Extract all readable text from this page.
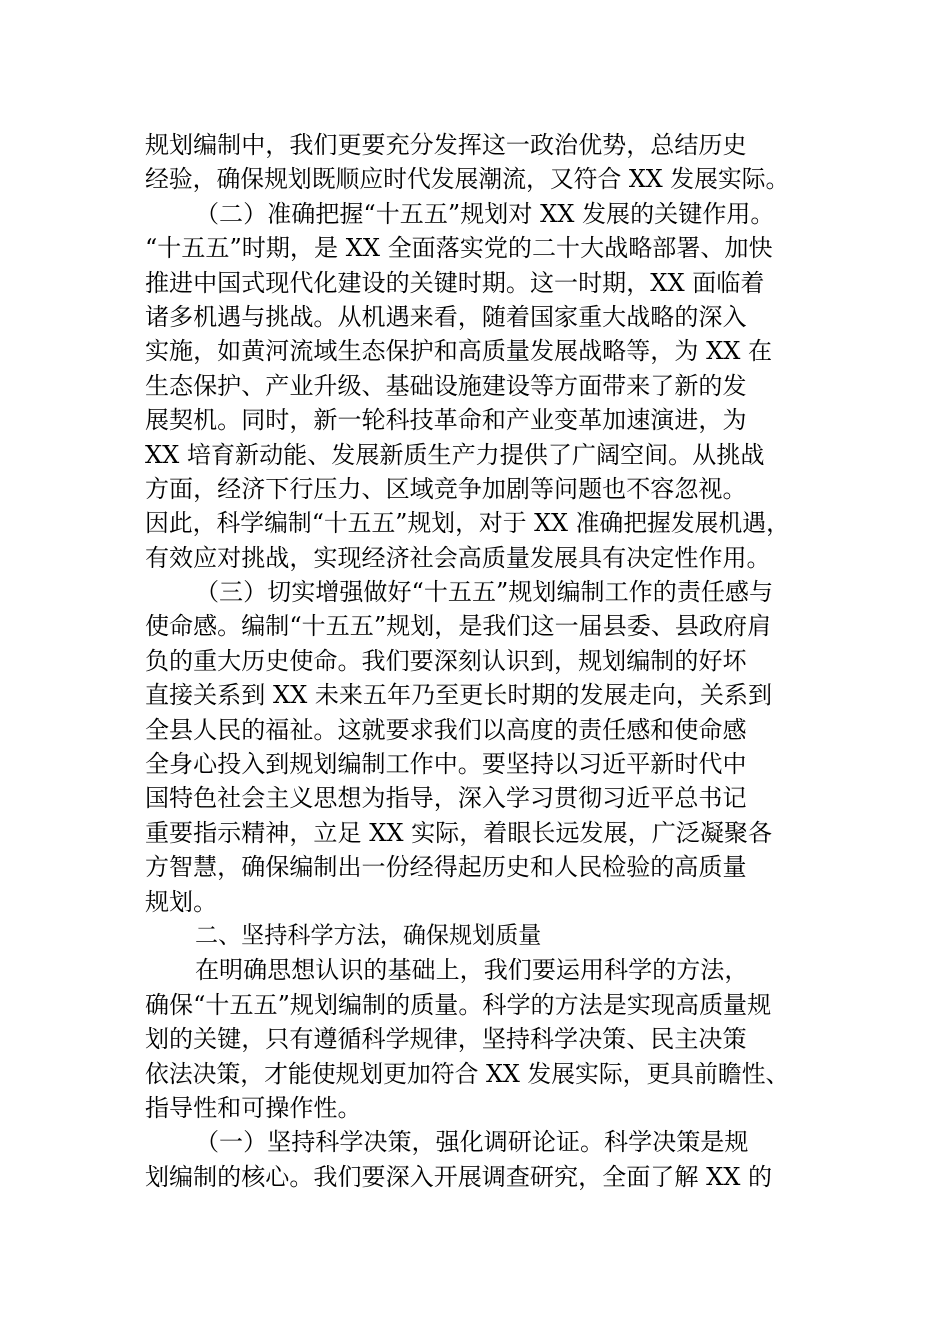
规划编制中，我们更要充分发挥这一政治优势，总结历史
经验，确保规划既顺应时代发展潮流，又符合 XX 发展实际。
（二）准确把握“十五五”规划对 XX 发展的关键作用。
“十五五”时期，是 XX 全面落实党的二十大战略部署、加快
推进中国式现代化建设的关键时期。这一时期，XX 面临着
诸多机遇与挑战。从机遇来看，随着国家重大战略的深入
实施，如黄河流域生态保护和高质量发展战略等，为 XX 在
生态保护、产业升级、基础设施建设等方面带来了新的发
展契机。同时，新一轮科技革命和产业变革加速演进，为
XX 培育新动能、发展新质生产力提供了广阔空间。从挑战
方面，经济下行压力、区域竞争加剧等问题也不容忽视。
因此，科学编制“十五五”规划，对于 XX 准确把握发展机遇，
有效应对挑战，实现经济社会高质量发展具有决定性作用。
（三）切实增强做好“十五五”规划编制工作的责任感与
使命感。编制“十五五”规划，是我们这一届县委、县政府肩
负的重大历史使命。我们要深刻认识到，规划编制的好坏
直接关系到 XX 未来五年乃至更长时期的发展走向，关系到
全县人民的福祉。这就要求我们以高度的责任感和使命感
全身心投入到规划编制工作中。要坚持以习近平新时代中
国特色社会主义思想为指导，深入学习贯彻习近平总书记
重要指示精神，立足 XX 实际，着眼长远发展，广泛凝聚各
方智慧，确保编制出一份经得起历史和人民检验的高质量
规划。
二、坚持科学方法，确保规划质量
在明确思想认识的基础上，我们要运用科学的方法，
确保“十五五”规划编制的质量。科学的方法是实现高质量规
划的关键，只有遵循科学规律，坚持科学决策、民主决策
依法决策，才能使规划更加符合 XX 发展实际，更具前瞻性、
指导性和可操作性。
（一）坚持科学决策，强化调研论证。科学决策是规
划编制的核心。我们要深入开展调查研究，全面了解 XX 的
